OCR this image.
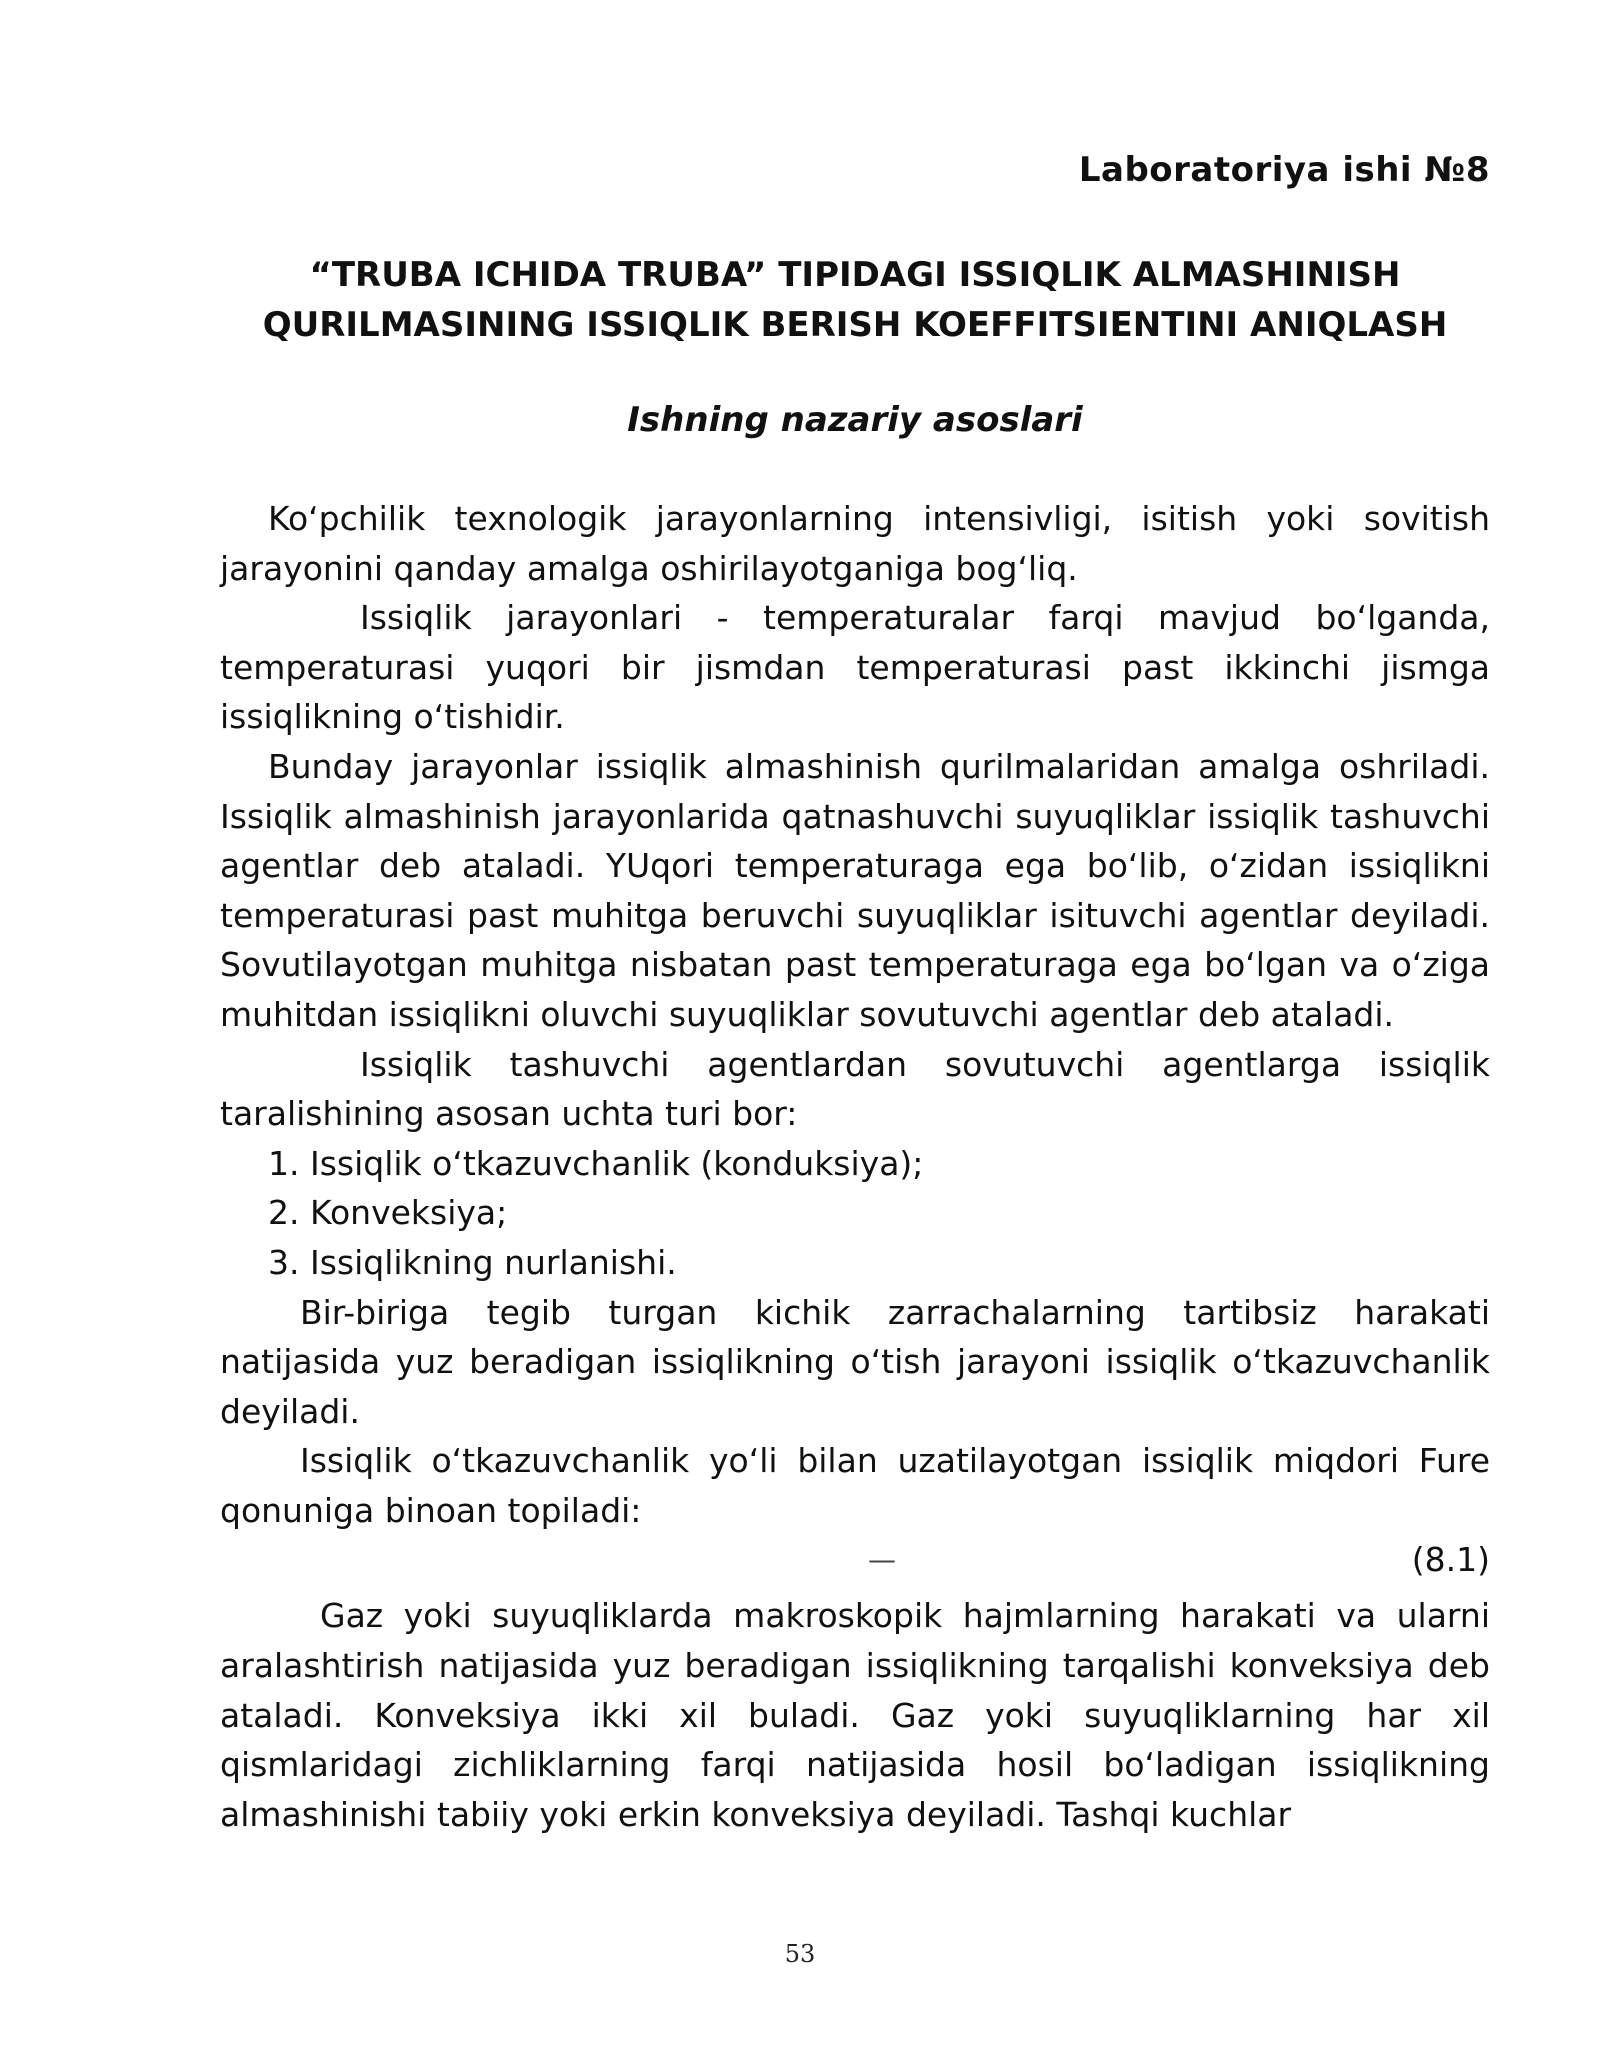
Laboratoriya ishi №8
“TRUBA ICHIDA TRUBA” TIPIDAGI ISSIQLIK ALMASHINISH
QURILMASINING ISSIQLIK BERISH KOEFFITSIENTINI ANIQLASH
Ishning nazariy asoslari

Ko‘pchilik texnologik jarayonlarning intensivligi, isitish yoki sovitish jarayonini qanday amalga oshirilayotganiga bog‘liq.

Issiqlik jarayonlari - temperaturalar farqi mavjud bo‘lganda, temperaturasi yuqori bir jismdan temperaturasi past ikkinchi jismga issiqlikning o‘tishidir.

Bunday jarayonlar issiqlik almashinish qurilmalaridan amalga oshriladi. Issiqlik almashinish jarayonlarida qatnashuvchi suyuqliklar issiqlik tashuvchi agentlar deb ataladi. YUqori temperaturaga ega bo‘lib, o‘zidan issiqlikni temperaturasi past muhitga beruvchi suyuqliklar isituvchi agentlar deyiladi. Sovutilayotgan muhitga nisbatan past temperaturaga ega bo‘lgan va o‘ziga muhitdan issiqlikni oluvchi suyuqliklar sovutuvchi agentlar deb ataladi.

Issiqlik tashuvchi agentlardan sovutuvchi agentlarga issiqlik taralishining asosan uchta turi bor:

1. Issiqlik o‘tkazuvchanlik (konduksiya);

2. Konveksiya;

3. Issiqlikning nurlanishi.

Bir-biriga tegib turgan kichik zarrachalarning tartibsiz harakati natijasida yuz beradigan issiqlikning o‘tish jarayoni issiqlik o‘tkazuvchanlik deyiladi.

Issiqlik o‘tkazuvchanlik yo‘li bilan uzatilayotgan issiqlik miqdori Fure qonuniga binoan topiladi:

—	(8.1)

Gaz yoki suyuqliklarda makroskopik hajmlarning harakati va ularni aralashtirish natijasida yuz beradigan issiqlikning tarqalishi konveksiya deb ataladi. Konveksiya ikki xil buladi. Gaz yoki suyuqliklarning har xil qismlaridagi zichliklarning farqi natijasida hosil bo‘ladigan issiqlikning almashinishi tabiiy yoki erkin konveksiya deyiladi. Tashqi kuchlar

53
